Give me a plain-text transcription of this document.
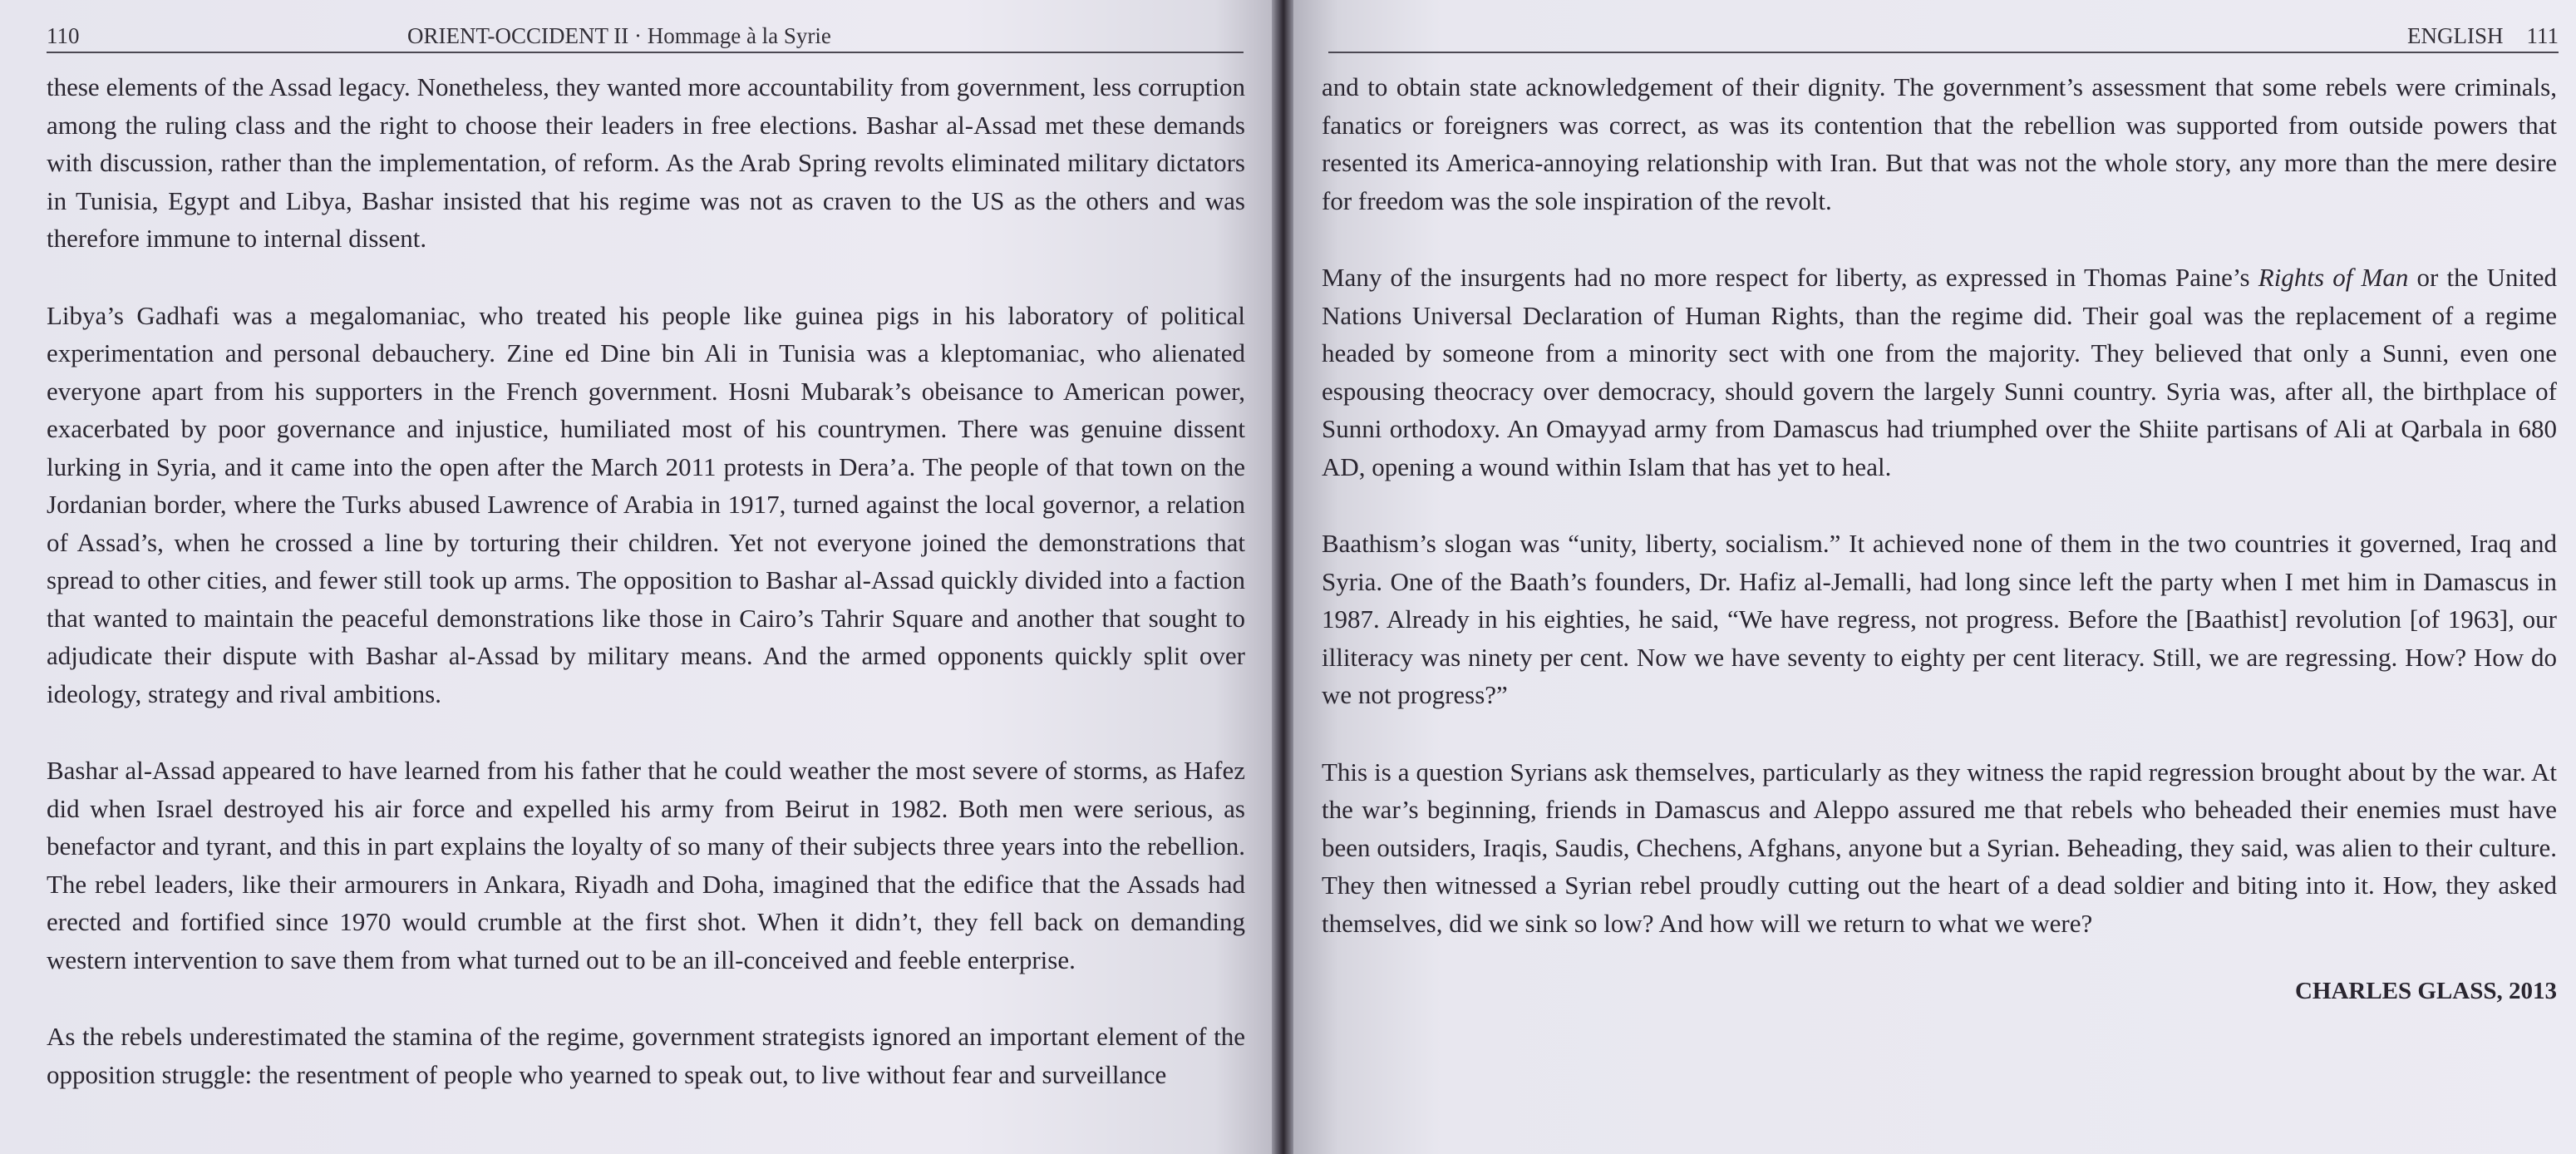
110	ORIENT-OCCIDENT II · Hommage à la Syrie

these elements of the Assad legacy. Nonetheless, they wanted more accountability from government, less corruption among the ruling class and the right to choose their leaders in free elections. Bashar al-Assad met these demands with discussion, rather than the implementation, of reform. As the Arab Spring revolts eliminated military dictators in Tunisia, Egypt and Libya, Bashar insisted that his regime was not as craven to the US as the others and was therefore immune to internal dissent.

Libya’s Gadhafi was a megalomaniac, who treated his people like guinea pigs in his laboratory of political experimentation and personal debauchery. Zine ed Dine bin Ali in Tunisia was a kleptomaniac, who alienated everyone apart from his supporters in the French government. Hosni Mubarak’s obeisance to American power, exacerbated by poor governance and injustice, humiliated most of his countrymen. There was genuine dissent lurking in Syria, and it came into the open after the March 2011 protests in Dera’a. The people of that town on the Jordanian border, where the Turks abused Lawrence of Arabia in 1917, turned against the local governor, a relation of Assad’s, when he crossed a line by torturing their children. Yet not everyone joined the demonstrations that spread to other cities, and fewer still took up arms. The opposition to Bashar al-Assad quickly divided into a faction that wanted to maintain the peaceful demonstrations like those in Cairo’s Tahrir Square and another that sought to adjudicate their dispute with Bashar al-Assad by military means. And the armed opponents quickly split over ideology, strategy and rival ambitions.

Bashar al-Assad appeared to have learned from his father that he could weather the most severe of storms, as Hafez did when Israel destroyed his air force and expelled his army from Beirut in 1982. Both men were serious, as benefactor and tyrant, and this in part explains the loyalty of so many of their subjects three years into the rebellion. The rebel leaders, like their armourers in Ankara, Riyadh and Doha, imagined that the edifice that the Assads had erected and fortified since 1970 would crumble at the first shot. When it didn’t, they fell back on demanding western intervention to save them from what turned out to be an ill-conceived and feeble enterprise.

As the rebels underestimated the stamina of the regime, government strategists ignored an important element of the opposition struggle: the resentment of people who yearned to speak out, to live without fear and surveillance

ENGLISH 111

and to obtain state acknowledgement of their dignity. The government’s assessment that some rebels were criminals, fanatics or foreigners was correct, as was its contention that the rebellion was supported from outside powers that resented its America-annoying relationship with Iran. But that was not the whole story, any more than the mere desire for freedom was the sole inspiration of the revolt.

Many of the insurgents had no more respect for liberty, as expressed in Thomas Paine’s Rights of Man or the United Nations Universal Declaration of Human Rights, than the regime did. Their goal was the replacement of a regime headed by someone from a minority sect with one from the majority. They believed that only a Sunni, even one espousing theocracy over democracy, should govern the largely Sunni country. Syria was, after all, the birthplace of Sunni orthodoxy. An Omayyad army from Damascus had triumphed over the Shiite partisans of Ali at Qarbala in 680 AD, opening a wound within Islam that has yet to heal.

Baathism’s slogan was “unity, liberty, socialism.” It achieved none of them in the two countries it governed, Iraq and Syria. One of the Baath’s founders, Dr. Hafiz al-Jemalli, had long since left the party when I met him in Damascus in 1987. Already in his eighties, he said, “We have regress, not progress. Before the [Baathist] revolution [of 1963], our illiteracy was ninety per cent. Now we have seventy to eighty per cent literacy. Still, we are regressing. How? How do we not progress?”

This is a question Syrians ask themselves, particularly as they witness the rapid regression brought about by the war. At the war’s beginning, friends in Damascus and Aleppo assured me that rebels who beheaded their enemies must have been outsiders, Iraqis, Saudis, Chechens, Afghans, anyone but a Syrian. Beheading, they said, was alien to their culture. They then witnessed a Syrian rebel proudly cutting out the heart of a dead soldier and biting into it. How, they asked themselves, did we sink so low? And how will we return to what we were?

CHARLES GLASS, 2013
